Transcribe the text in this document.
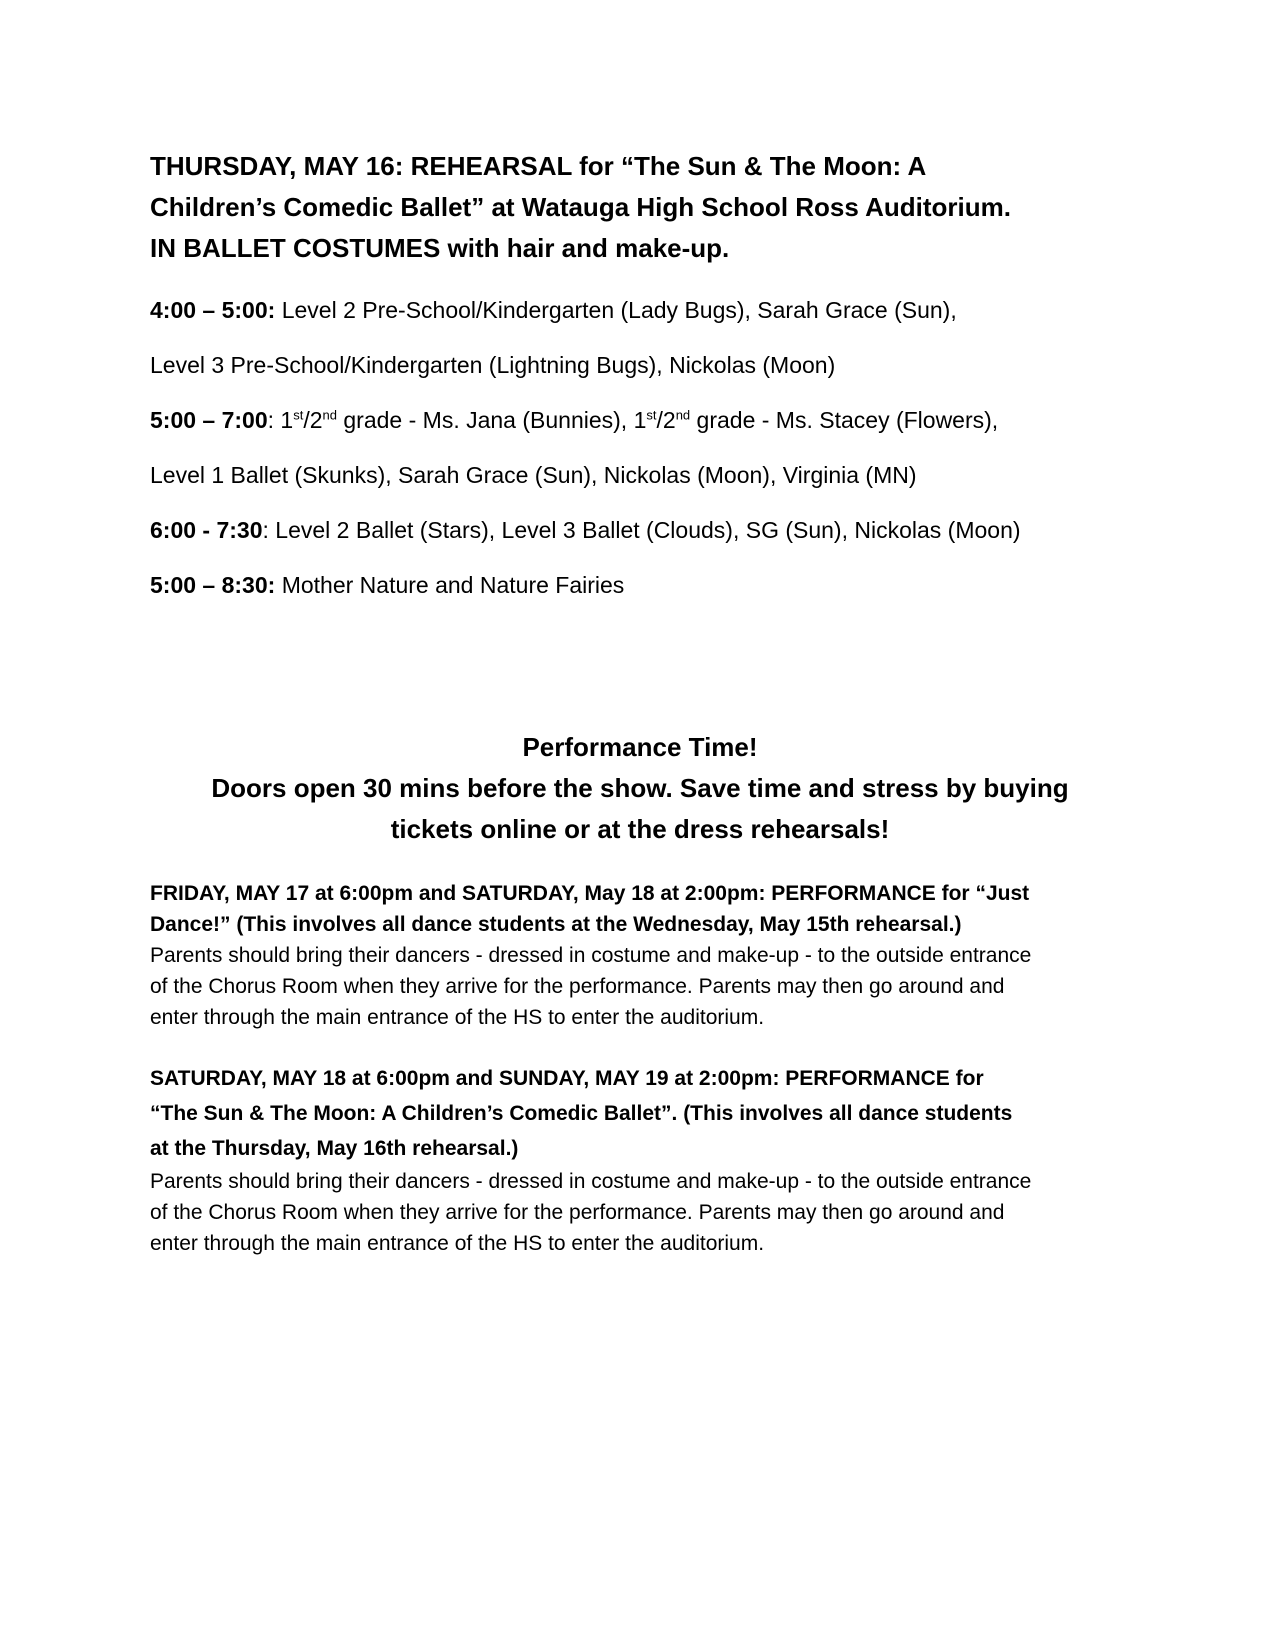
THURSDAY, MAY 16: REHEARSAL for “The Sun & The Moon: A
Children’s Comedic Ballet” at Watauga High School Ross Auditorium.
IN BALLET COSTUMES with hair and make-up.

4:00 – 5:00: Level 2 Pre-School/Kindergarten (Lady Bugs), Sarah Grace (Sun),

Level 3 Pre-School/Kindergarten (Lightning Bugs), Nickolas (Moon)

5:00 – 7:00: 1st/2nd grade - Ms. Jana (Bunnies), 1st/2nd grade - Ms. Stacey (Flowers),

Level 1 Ballet (Skunks), Sarah Grace (Sun), Nickolas (Moon), Virginia (MN)

6:00 - 7:30: Level 2 Ballet (Stars), Level 3 Ballet (Clouds), SG (Sun), Nickolas (Moon)

5:00 – 8:30: Mother Nature and Nature Fairies

Performance Time!
Doors open 30 mins before the show. Save time and stress by buying
tickets online or at the dress rehearsals!

FRIDAY, MAY 17 at 6:00pm and SATURDAY, May 18 at 2:00pm: PERFORMANCE for “Just
Dance!” (This involves all dance students at the Wednesday, May 15th rehearsal.)

Parents should bring their dancers - dressed in costume and make-up - to the outside entrance
of the Chorus Room when they arrive for the performance. Parents may then go around and
enter through the main entrance of the HS to enter the auditorium.

SATURDAY, MAY 18 at 6:00pm and SUNDAY, MAY 19 at 2:00pm: PERFORMANCE for
“The Sun & The Moon: A Children’s Comedic Ballet”. (This involves all dance students
at the Thursday, May 16th rehearsal.)

Parents should bring their dancers - dressed in costume and make-up - to the outside entrance
of the Chorus Room when they arrive for the performance. Parents may then go around and
enter through the main entrance of the HS to enter the auditorium.
